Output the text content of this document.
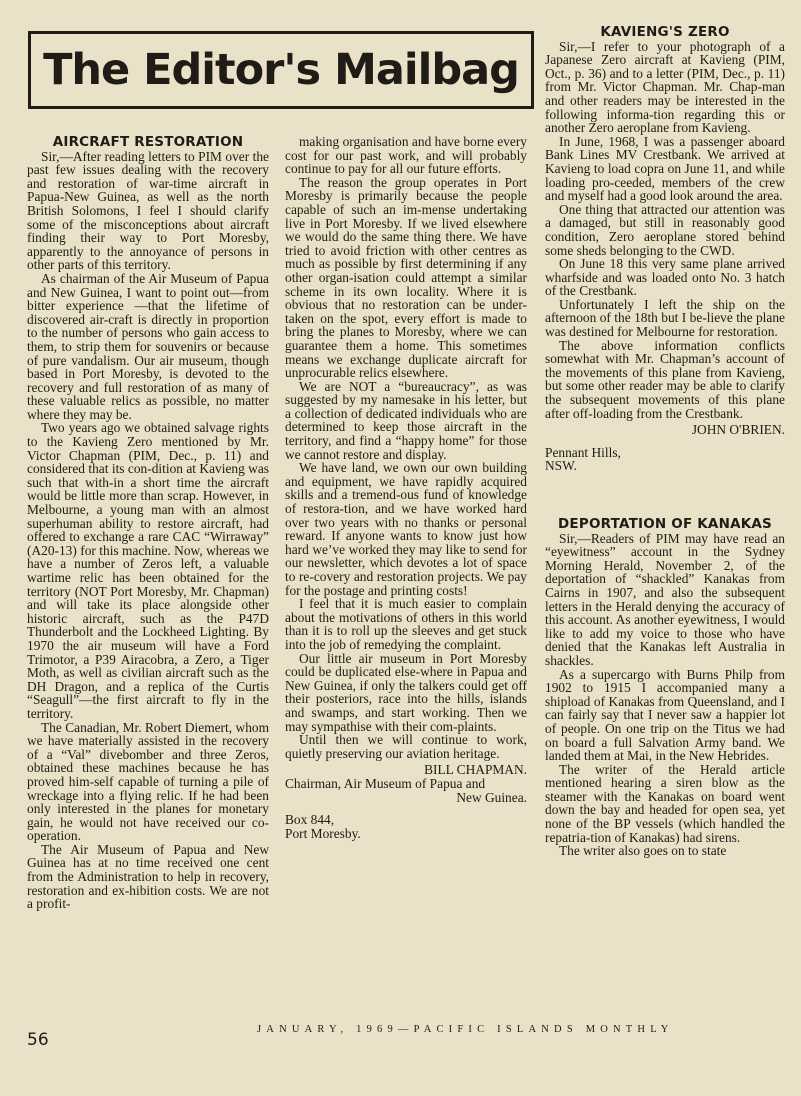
The Editor's Mailbag

AIRCRAFT RESTORATION

Sir,—After reading letters to PIM over the past few issues dealing with the recovery and restoration of war-time aircraft in Papua-New Guinea, as well as the north British Solomons, I feel I should clarify some of the misconceptions about aircraft finding their way to Port Moresby, apparently to the annoyance of persons in other parts of this territory.

As chairman of the Air Museum of Papua and New Guinea, I want to point out—from bitter experience —that the lifetime of discovered air-craft is directly in proportion to the number of persons who gain access to them, to strip them for souvenirs or because of pure vandalism. Our air museum, though based in Port Moresby, is devoted to the recovery and full restoration of as many of these valuable relics as possible, no matter where they may be.

Two years ago we obtained salvage rights to the Kavieng Zero mentioned by Mr. Victor Chapman (PIM, Dec., p. 11) and considered that its con-dition at Kavieng was such that with-in a short time the aircraft would be little more than scrap. However, in Melbourne, a young man with an almost superhuman ability to restore aircraft, had offered to exchange a rare CAC “Wirraway” (A20-13) for this machine. Now, whereas we have a number of Zeros left, a valuable wartime relic has been obtained for the territory (NOT Port Moresby, Mr. Chapman) and will take its place alongside other historic aircraft, such as the P47D Thunderbolt and the Lockheed Lighting. By 1970 the air museum will have a Ford Trimotor, a P39 Airacobra, a Zero, a Tiger Moth, as well as civilian aircraft such as the DH Dragon, and a replica of the Curtis “Seagull”—the first aircraft to fly in the territory.

The Canadian, Mr. Robert Diemert, whom we have materially assisted in the recovery of a “Val” divebomber and three Zeros, obtained these machines because he has proved him-self capable of turning a pile of wreckage into a flying relic. If he had been only interested in the planes for monetary gain, he would not have received our co-operation.

The Air Museum of Papua and New Guinea has at no time received one cent from the Administration to help in recovery, restoration and ex-hibition costs. We are not a profit-

making organisation and have borne every cost for our past work, and will probably continue to pay for all our future efforts.

The reason the group operates in Port Moresby is primarily because the people capable of such an im-mense undertaking live in Port Moresby. If we lived elsewhere we would do the same thing there. We have tried to avoid friction with other centres as much as possible by first determining if any other organ-isation could attempt a similar scheme in its own locality. Where it is obvious that no restoration can be under-taken on the spot, every effort is made to bring the planes to Moresby, where we can guarantee them a home. This sometimes means we exchange duplicate aircraft for unprocurable relics elsewhere.

We are NOT a “bureaucracy”, as was suggested by my namesake in his letter, but a collection of dedicated individuals who are determined to keep those aircraft in the territory, and find a “happy home” for those we cannot restore and display.

We have land, we own our own building and equipment, we have rapidly acquired skills and a tremend-ous fund of knowledge of restora-tion, and we have worked hard over two years with no thanks or personal reward. If anyone wants to know just how hard we’ve worked they may like to send for our newsletter, which devotes a lot of space to re-covery and restoration projects. We pay for the postage and printing costs!

I feel that it is much easier to complain about the motivations of others in this world than it is to roll up the sleeves and get stuck into the job of remedying the complaint.

Our little air museum in Port Moresby could be duplicated else-where in Papua and New Guinea, if only the talkers could get off their posteriors, race into the hills, islands and swamps, and start working. Then we may sympathise with their com-plaints.

Until then we will continue to work, quietly preserving our aviation heritage.

BILL CHAPMAN.

Chairman, Air Museum of Papua and

New Guinea.

Box 844,

Port Moresby.

KAVIENG'S ZERO

Sir,—I refer to your photograph of a Japanese Zero aircraft at Kavieng (PIM, Oct., p. 36) and to a letter (PIM, Dec., p. 11) from Mr. Victor Chapman. Mr. Chap-man and other readers may be interested in the following informa-tion regarding this or another Zero aeroplane from Kavieng.

In June, 1968, I was a passenger aboard Bank Lines MV Crestbank. We arrived at Kavieng to load copra on June 11, and while loading pro-ceeded, members of the crew and myself had a good look around the area.

One thing that attracted our attention was a damaged, but still in reasonably good condition, Zero aeroplane stored behind some sheds belonging to the CWD.

On June 18 this very same plane arrived wharfside and was loaded onto No. 3 hatch of the Crestbank.

Unfortunately I left the ship on the afternoon of the 18th but I be-lieve the plane was destined for Melbourne for restoration.

The above information conflicts somewhat with Mr. Chapman’s account of the movements of this plane from Kavieng, but some other reader may be able to clarify the subsequent movements of this plane after off-loading from the Crestbank.

JOHN O'BRIEN.

Pennant Hills,

NSW.

DEPORTATION OF KANAKAS

Sir,—Readers of PIM may have read an “eyewitness” account in the Sydney Morning Herald, November 2, of the deportation of “shackled” Kanakas from Cairns in 1907, and also the subsequent letters in the Herald denying the accuracy of this account. As another eyewitness, I would like to add my voice to those who have denied that the Kanakas left Australia in shackles.

As a supercargo with Burns Philp from 1902 to 1915 I accompanied many a shipload of Kanakas from Queensland, and I can fairly say that I never saw a happier lot of people. On one trip on the Titus we had on board a full Salvation Army band. We landed them at Mai, in the New Hebrides.

The writer of the Herald article mentioned hearing a siren blow as the steamer with the Kanakas on board went down the bay and headed for open sea, yet none of the BP vessels (which handled the repatria-tion of Kanakas) had sirens.

The writer also goes on to state

56
JANUARY, 1969—PACIFIC ISLANDS MONTHLY
